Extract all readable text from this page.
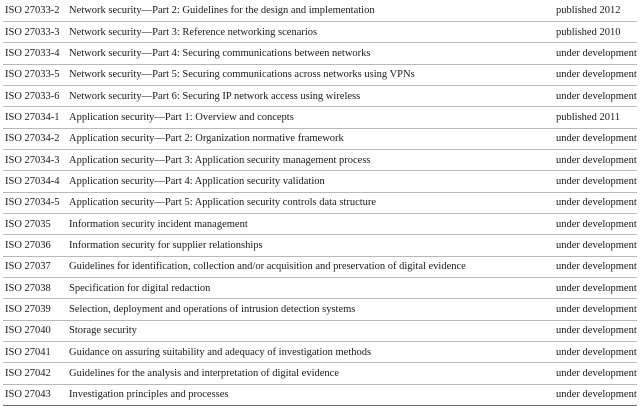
ISO 27033-2	Network security—Part 2: Guidelines for the design and implementation	published 2012
ISO 27033-3	Network security—Part 3: Reference networking scenarios	published 2010
ISO 27033-4	Network security—Part 4: Securing communications between networks	under development
ISO 27033-5	Network security—Part 5: Securing communications across networks using VPNs	under development
ISO 27033-6	Network security—Part 6: Securing IP network access using wireless	under development
ISO 27034-1	Application security—Part 1: Overview and concepts	published 2011
ISO 27034-2	Application security—Part 2: Organization normative framework	under development
ISO 27034-3	Application security—Part 3: Application security management process	under development
ISO 27034-4	Application security—Part 4: Application security validation	under development
ISO 27034-5	Application security—Part 5: Application security controls data structure	under development
ISO 27035	Information security incident management	under development
ISO 27036	Information security for supplier relationships	under development
ISO 27037	Guidelines for identification, collection and/or acquisition and preservation of digital evidence	under development
ISO 27038	Specification for digital redaction	under development
ISO 27039	Selection, deployment and operations of intrusion detection systems	under development
ISO 27040	Storage security	under development
ISO 27041	Guidance on assuring suitability and adequacy of investigation methods	under development
ISO 27042	Guidelines for the analysis and interpretation of digital evidence	under development
ISO 27043	Investigation principles and processes	under development
